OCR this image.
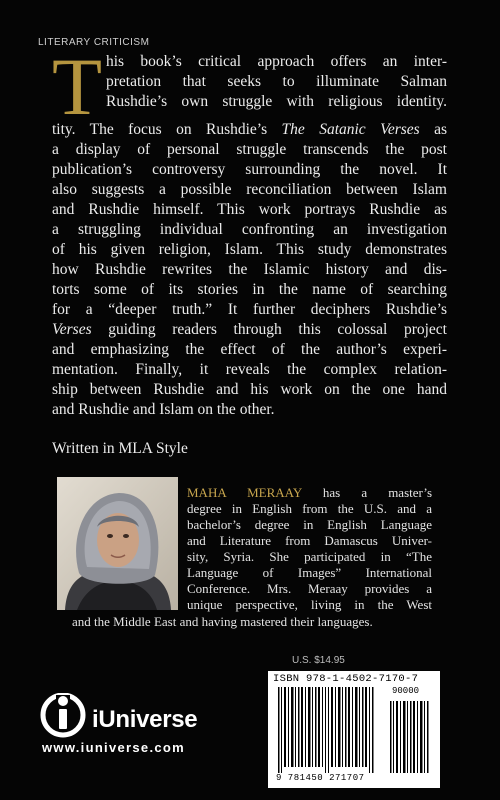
LITERARY CRITICISM
T his book’s critical approach offers an inter-
pretation that seeks to illuminate Salman
Rushdie’s own struggle with religious identity.
tity. The focus on Rushdie’s The Satanic Verses as
a display of personal struggle transcends the post
publication’s controversy surrounding the novel. It
also suggests a possible reconciliation between Islam
and Rushdie himself. This work portrays Rushdie as
a struggling individual confronting an investigation
of his given religion, Islam. This study demonstrates
how Rushdie rewrites the Islamic history and dis-
torts some of its stories in the name of searching
for a “deeper truth.” It further deciphers Rushdie’s
Verses guiding readers through this colossal project
and emphasizing the effect of the author’s experi-
mentation. Finally, it reveals the complex relation-
ship between Rushdie and his work on the one hand
and Rushdie and Islam on the other.
Written in MLA Style
MAHA MERAAY has a master’s
degree in English from the U.S. and a
bachelor’s degree in English Language
and Literature from Damascus Univer-
sity, Syria. She participated in “The
Language of Images” International
Conference. Mrs. Meraay provides a
unique perspective, living in the West
and the Middle East and having mastered their languages.
U.S. $14.95
ISBN 978-1-4502-7170-7
90000
9 781450 271707
iUniverse
www.iuniverse.com
